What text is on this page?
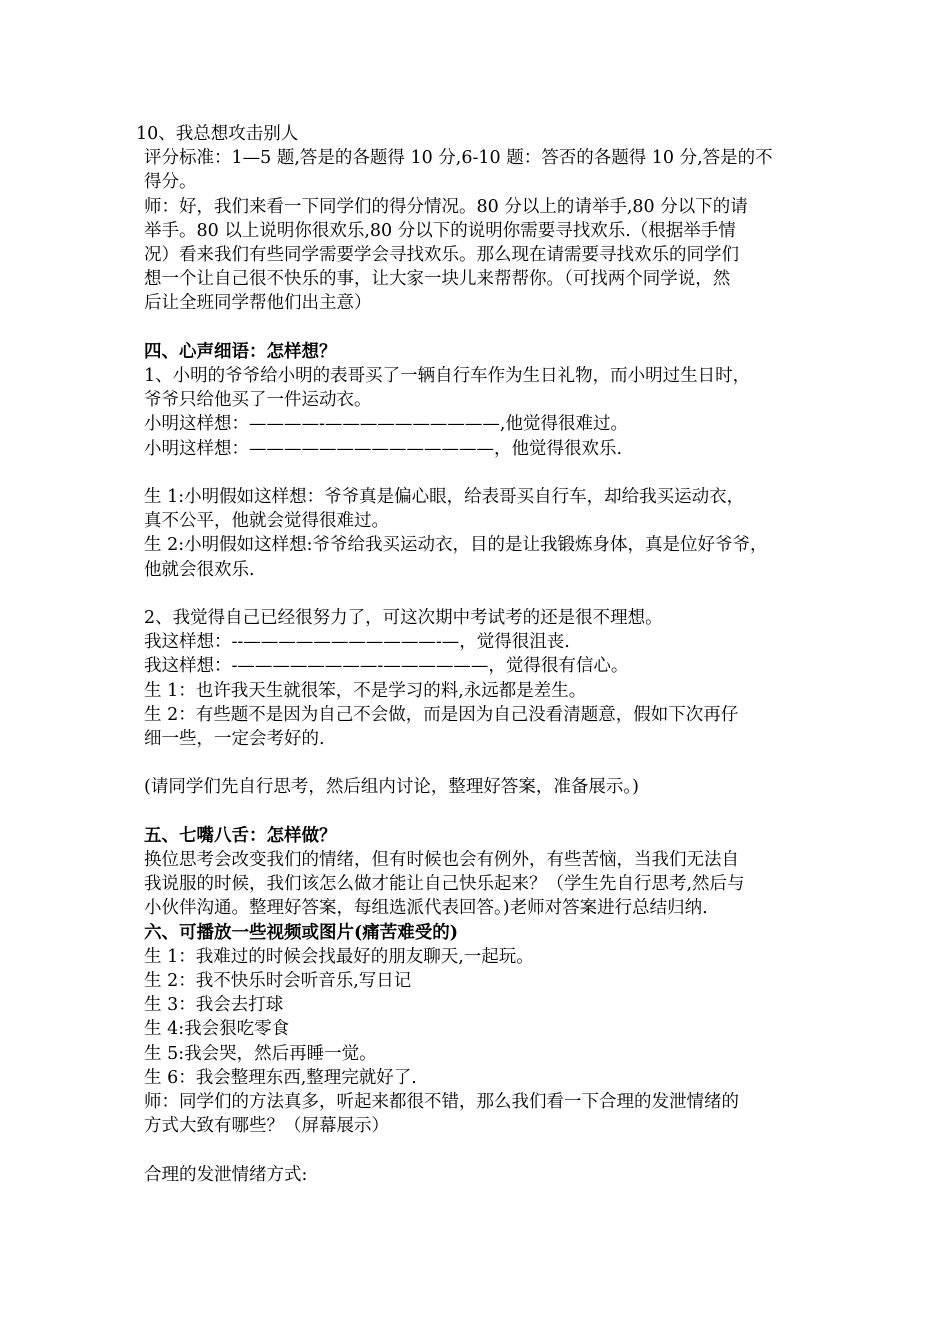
10、我总想攻击别人

评分标准：1—5 题,答是的各题得 10 分,6-10 题：答否的各题得 10 分,答是的不

得分。

师：好，我们来看一下同学们的得分情况。80 分以上的请举手,80 分以下的请

举手。80 以上说明你很欢乐,80 分以下的说明你需要寻找欢乐.（根据举手情

况）看来我们有些同学需要学会寻找欢乐。那么现在请需要寻找欢乐的同学们

想一个让自己很不快乐的事，让大家一块儿来帮帮你。（可找两个同学说，然

后让全班同学帮他们出主意）

四、心声细语：怎样想？

1、小明的爷爷给小明的表哥买了一辆自行车作为生日礼物，而小明过生日时，

爷爷只给他买了一件运动衣。

小明这样想：————-——————————,他觉得很难过。

小明这样想：——————————————，他觉得很欢乐.

生 1:小明假如这样想：爷爷真是偏心眼，给表哥买自行车，却给我买运动衣，

真不公平，他就会觉得很难过。

生 2:小明假如这样想:爷爷给我买运动衣，目的是让我锻炼身体，真是位好爷爷，

他就会很欢乐.

2、我觉得自己已经很努力了，可这次期中考试考的还是很不理想。

我这样想：--———————————-—，觉得很沮丧.

我这样想：-————————-——————，觉得很有信心。

生 1：也许我天生就很笨，不是学习的料,永远都是差生。

生 2：有些题不是因为自己不会做，而是因为自己没看清题意，假如下次再仔

细一些，一定会考好的.

(请同学们先自行思考，然后组内讨论，整理好答案，准备展示。)

五、七嘴八舌：怎样做？

换位思考会改变我们的情绪，但有时候也会有例外，有些苦恼，当我们无法自

我说服的时候，我们该怎么做才能让自己快乐起来？（学生先自行思考,然后与

小伙伴沟通。整理好答案，每组选派代表回答。)老师对答案进行总结归纳.

六、可播放一些视频或图片(痛苦难受的)

生 1：我难过的时候会找最好的朋友聊天,一起玩。

生 2：我不快乐时会听音乐,写日记

生 3：我会去打球

生 4:我会狠吃零食

生 5:我会哭，然后再睡一觉。

生 6：我会整理东西,整理完就好了.

师：同学们的方法真多，听起来都很不错，那么我们看一下合理的发泄情绪的

方式大致有哪些？（屏幕展示）

合理的发泄情绪方式:
